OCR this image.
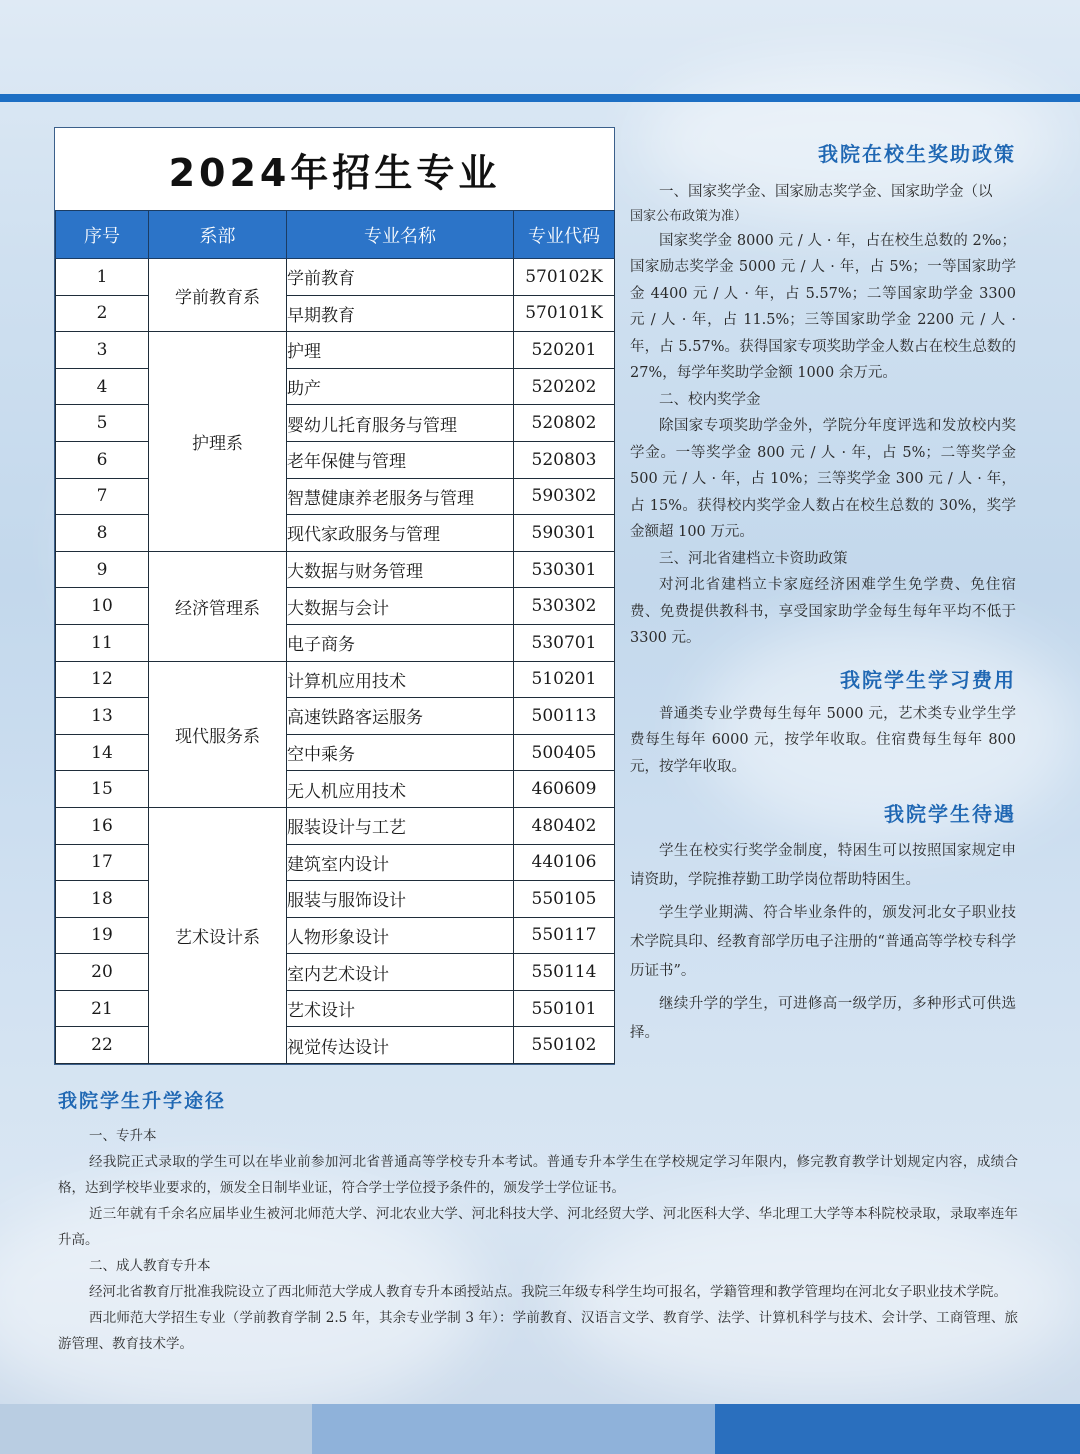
2024年招生专业
序号	系部	专业名称	专业代码
1	学前教育系	学前教育	570102K
2		早期教育	570101K
3	护理系	护理	520201
4		助产	520202
5		婴幼儿托育服务与管理	520802
6		老年保健与管理	520803
7		智慧健康养老服务与管理	590302
8		现代家政服务与管理	590301
9	经济管理系	大数据与财务管理	530301
10		大数据与会计	530302
11		电子商务	530701
12	现代服务系	计算机应用技术	510201
13		高速铁路客运服务	500113
14		空中乘务	500405
15		无人机应用技术	460609
16	艺术设计系	服装设计与工艺	480402
17		建筑室内设计	440106
18		服装与服饰设计	550105
19		人物形象设计	550117
20		室内艺术设计	550114
21		艺术设计	550101
22		视觉传达设计	550102
我院在校生奖助政策

一、国家奖学金、国家励志奖学金、国家助学金（以

国家公布政策为准）

国家奖学金 8000 元 / 人 · 年，占在校生总数的 2‰；国家励志奖学金 5000 元 / 人 · 年，占 5%；一等国家助学金 4400 元 / 人 · 年，占 5.57%；二等国家助学金 3300 元 / 人 · 年，占 11.5%；三等国家助学金 2200 元 / 人 · 年，占 5.57%。获得国家专项奖助学金人数占在校生总数的 27%，每学年奖助学金额 1000 余万元。

二、校内奖学金

除国家专项奖助学金外，学院分年度评选和发放校内奖学金。一等奖学金 800 元 / 人 · 年，占 5%；二等奖学金 500 元 / 人 · 年，占 10%；三等奖学金 300 元 / 人 · 年，占 15%。获得校内奖学金人数占在校生总数的 30%，奖学金额超 100 万元。

三、河北省建档立卡资助政策

对河北省建档立卡家庭经济困难学生免学费、免住宿费、免费提供教科书，享受国家助学金每生每年平均不低于 3300 元。

我院学生学习费用

普通类专业学费每生每年 5000 元，艺术类专业学生学费每生每年 6000 元，按学年收取。住宿费每生每年 800 元，按学年收取。

我院学生待遇

学生在校实行奖学金制度，特困生可以按照国家规定申请资助，学院推荐勤工助学岗位帮助特困生。

学生学业期满、符合毕业条件的，颁发河北女子职业技术学院具印、经教育部学历电子注册的“普通高等学校专科学历证书”。

继续升学的学生，可进修高一级学历，多种形式可供选择。

我院学生升学途径

一、专升本

经我院正式录取的学生可以在毕业前参加河北省普通高等学校专升本考试。普通专升本学生在学校规定学习年限内，修完教育教学计划规定内容，成绩合格，达到学校毕业要求的，颁发全日制毕业证，符合学士学位授予条件的，颁发学士学位证书。

近三年就有千余名应届毕业生被河北师范大学、河北农业大学、河北科技大学、河北经贸大学、河北医科大学、华北理工大学等本科院校录取，录取率连年升高。

二、成人教育专升本

经河北省教育厅批准我院设立了西北师范大学成人教育专升本函授站点。我院三年级专科学生均可报名，学籍管理和教学管理均在河北女子职业技术学院。

西北师范大学招生专业（学前教育学制 2.5 年，其余专业学制 3 年）：学前教育、汉语言文学、教育学、法学、计算机科学与技术、会计学、工商管理、旅游管理、教育技术学。
